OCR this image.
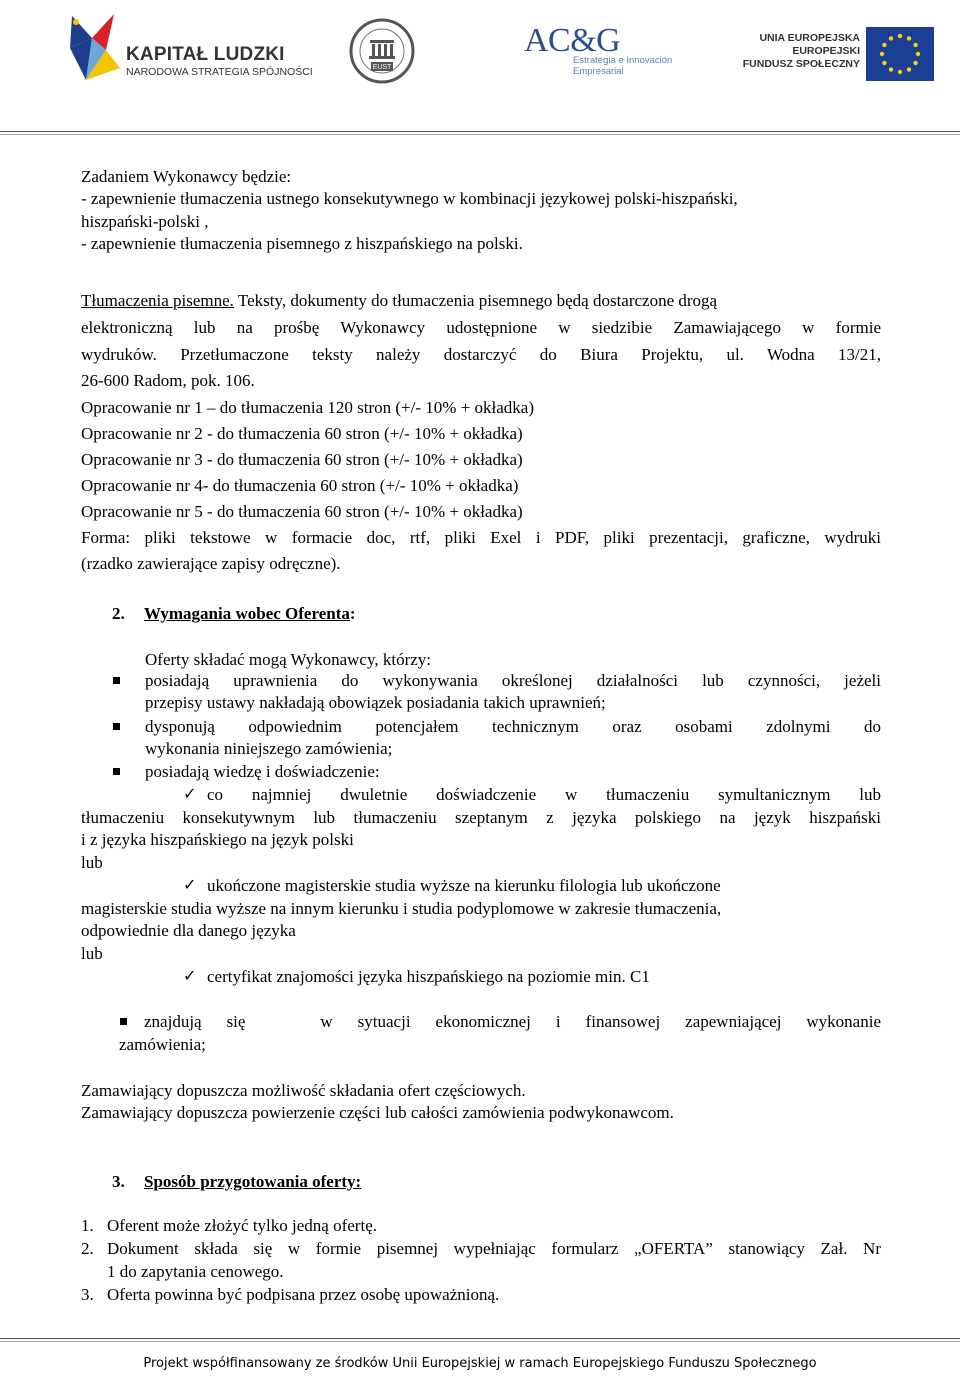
KAPITAŁ LUDZKI
NARODOWA STRATEGIA SPÓJNOŚCI	EUST
AC&G
Estrategia e Innovación
Empresarial
UNIA EUROPEJSKA
EUROPEJSKI
FUNDUSZ SPOŁECZNY
Zadaniem Wykonawcy będzie:
- zapewnienie tłumaczenia ustnego konsekutywnego w kombinacji językowej polski-hiszpański,
hiszpański-polski ,
- zapewnienie tłumaczenia pisemnego z hiszpańskiego na polski.
Tłumaczenia pisemne. Teksty, dokumenty do tłumaczenia pisemnego będą dostarczone drogą
elektroniczną lub na prośbę Wykonawcy udostępnione w siedzibie Zamawiającego w formie
wydruków. Przetłumaczone teksty należy dostarczyć do Biura Projektu, ul. Wodna 13/21,
26-600 Radom, pok. 106.
Opracowanie nr 1 – do tłumaczenia 120 stron (+/- 10% + okładka)
Opracowanie nr 2 - do tłumaczenia 60 stron (+/- 10% + okładka)
Opracowanie nr 3 - do tłumaczenia 60 stron (+/- 10% + okładka)
Opracowanie nr 4- do tłumaczenia 60 stron (+/- 10% + okładka)
Opracowanie nr 5 - do tłumaczenia 60 stron (+/- 10% + okładka)
Forma: pliki tekstowe w formacie doc, rtf, pliki Exel i PDF, pliki prezentacji, graficzne, wydruki
(rzadko zawierające zapisy odręczne).
2. Wymagania wobec Oferenta:
Oferty składać mogą Wykonawcy, którzy:
posiadają uprawnienia do wykonywania określonej działalności lub czynności, jeżeli
przepisy ustawy nakładają obowiązek posiadania takich uprawnień;
dysponują odpowiednim potencjałem technicznym oraz osobami zdolnymi do
wykonania niniejszego zamówienia;
posiadają wiedzę i doświadczenie:
✓ co najmniej dwuletnie doświadczenie w tłumaczeniu symultanicznym lub
tłumaczeniu konsekutywnym lub tłumaczeniu szeptanym z języka polskiego na język hiszpański
i z języka hiszpańskiego na język polski
lub
✓ ukończone magisterskie studia wyższe na kierunku filologia lub ukończone
magisterskie studia wyższe na innym kierunku i studia podyplomowe w zakresie tłumaczenia,
odpowiednie dla danego języka
lub
✓ certyfikat znajomości języka hiszpańskiego na poziomie min. C1
znajdują się   w sytuacji ekonomicznej i finansowej zapewniającej wykonanie
zamówienia;
Zamawiający dopuszcza możliwość składania ofert częściowych.
Zamawiający dopuszcza powierzenie części lub całości zamówienia podwykonawcom.
3. Sposób przygotowania oferty:
1. Oferent może złożyć tylko jedną ofertę.
2. Dokument składa się w formie pisemnej wypełniając formularz „OFERTA” stanowiący Zał. Nr
1 do zapytania cenowego.
3. Oferta powinna być podpisana przez osobę upoważnioną.
Projekt współfinansowany ze środków Unii Europejskiej w ramach Europejskiego Funduszu Społecznego
